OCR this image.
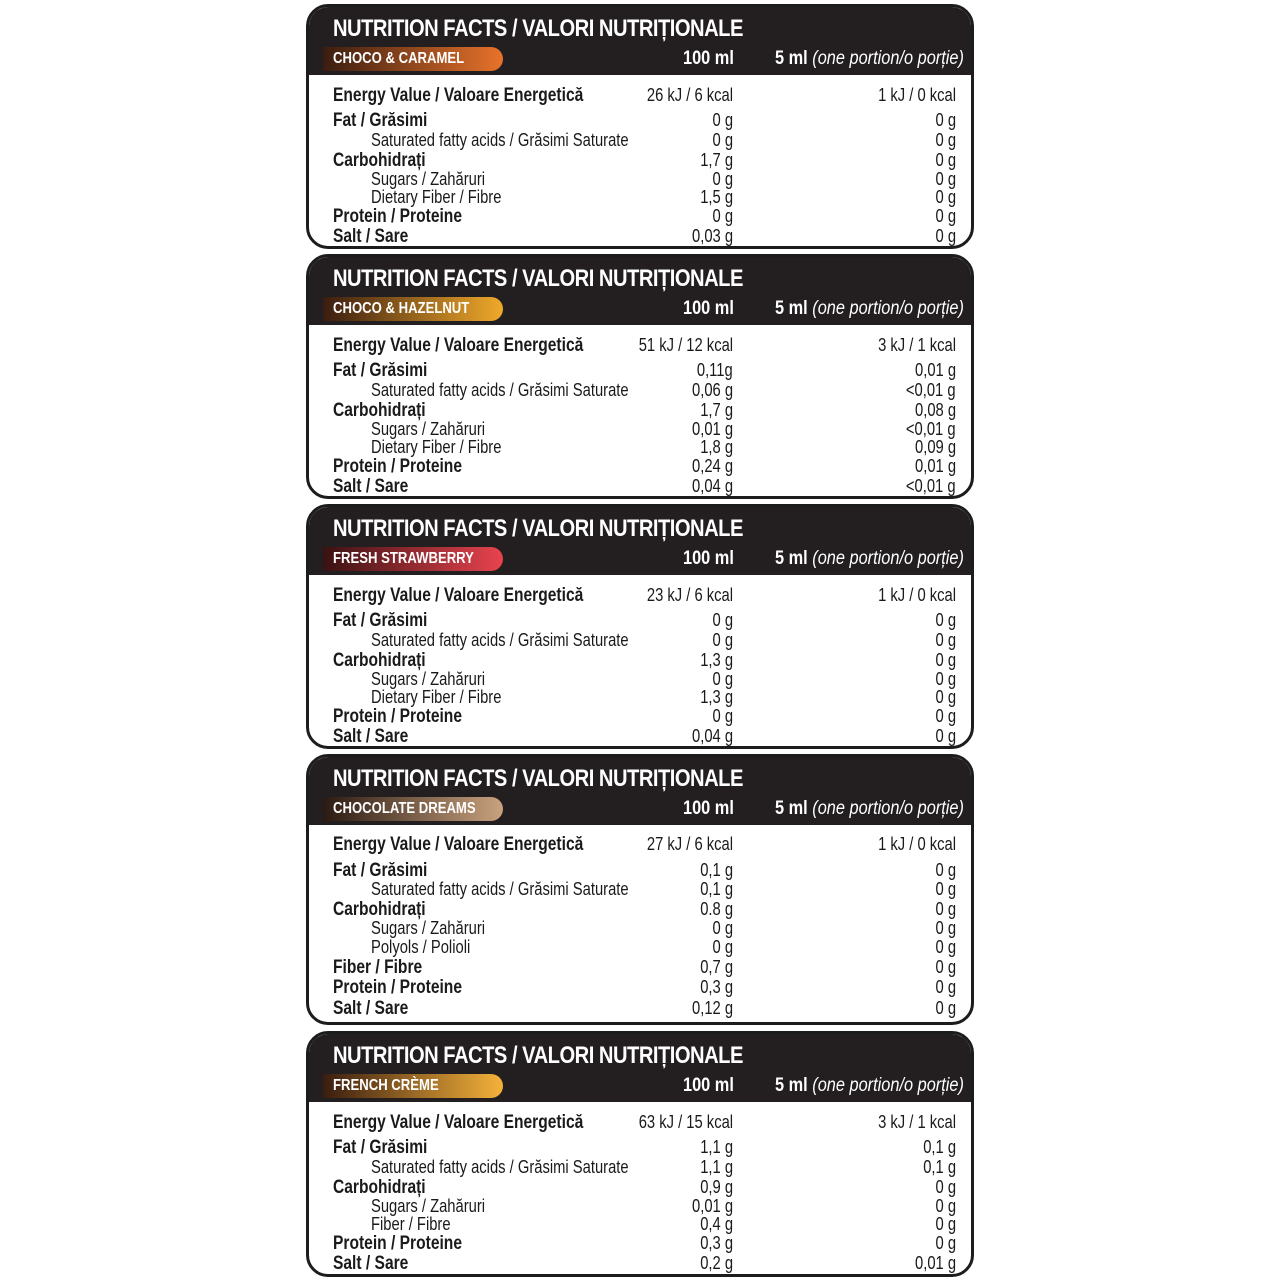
NUTRITION FACTS / VALORI NUTRIȚIONALE
CHOCO & CARAMEL	100 ml 5 ml (one portion/o porție)
Energy Value / Valoare Energetică	26 kJ / 6 kcal	1 kJ / 0 kcal
Fat / Grăsimi	0 g	0 g
Saturated fatty acids / Grăsimi Saturate	0 g	0 g
Carbohidrați	1,7 g	0 g
Sugars / Zahăruri	0 g	0 g
Dietary Fiber / Fibre	1,5 g	0 g
Protein / Proteine	0 g	0 g
Salt / Sare	0,03 g	0 g
NUTRITION FACTS / VALORI NUTRIȚIONALE
CHOCO & HAZELNUT	100 ml 5 ml (one portion/o porție)
Energy Value / Valoare Energetică	51 kJ / 12 kcal	3 kJ / 1 kcal
Fat / Grăsimi	0,11g	0,01 g
Saturated fatty acids / Grăsimi Saturate	0,06 g	<0,01 g
Carbohidrați	1,7 g	0,08 g
Sugars / Zahăruri	0,01 g	<0,01 g
Dietary Fiber / Fibre	1,8 g	0,09 g
Protein / Proteine	0,24 g	0,01 g
Salt / Sare	0,04 g	<0,01 g
NUTRITION FACTS / VALORI NUTRIȚIONALE
FRESH STRAWBERRY	100 ml 5 ml (one portion/o porție)
Energy Value / Valoare Energetică	23 kJ / 6 kcal	1 kJ / 0 kcal
Fat / Grăsimi	0 g	0 g
Saturated fatty acids / Grăsimi Saturate	0 g	0 g
Carbohidrați	1,3 g	0 g
Sugars / Zahăruri	0 g	0 g
Dietary Fiber / Fibre	1,3 g	0 g
Protein / Proteine	0 g	0 g
Salt / Sare	0,04 g	0 g
NUTRITION FACTS / VALORI NUTRIȚIONALE
CHOCOLATE DREAMS	100 ml 5 ml (one portion/o porție)
Energy Value / Valoare Energetică	27 kJ / 6 kcal	1 kJ / 0 kcal
Fat / Grăsimi	0,1 g	0 g
Saturated fatty acids / Grăsimi Saturate	0,1 g	0 g
Carbohidrați	0.8 g	0 g
Sugars / Zahăruri	0 g	0 g
Polyols / Polioli	0 g	0 g
Fiber / Fibre	0,7 g	0 g
Protein / Proteine	0,3 g	0 g
Salt / Sare	0,12 g	0 g
NUTRITION FACTS / VALORI NUTRIȚIONALE
FRENCH CRÈME	100 ml 5 ml (one portion/o porție)
Energy Value / Valoare Energetică	63 kJ / 15 kcal	3 kJ / 1 kcal
Fat / Grăsimi	1,1 g	0,1 g
Saturated fatty acids / Grăsimi Saturate	1,1 g	0,1 g
Carbohidrați	0,9 g	0 g
Sugars / Zahăruri	0,01 g	0 g
Fiber / Fibre	0,4 g	0 g
Protein / Proteine	0,3 g	0 g
Salt / Sare	0,2 g	0,01 g
